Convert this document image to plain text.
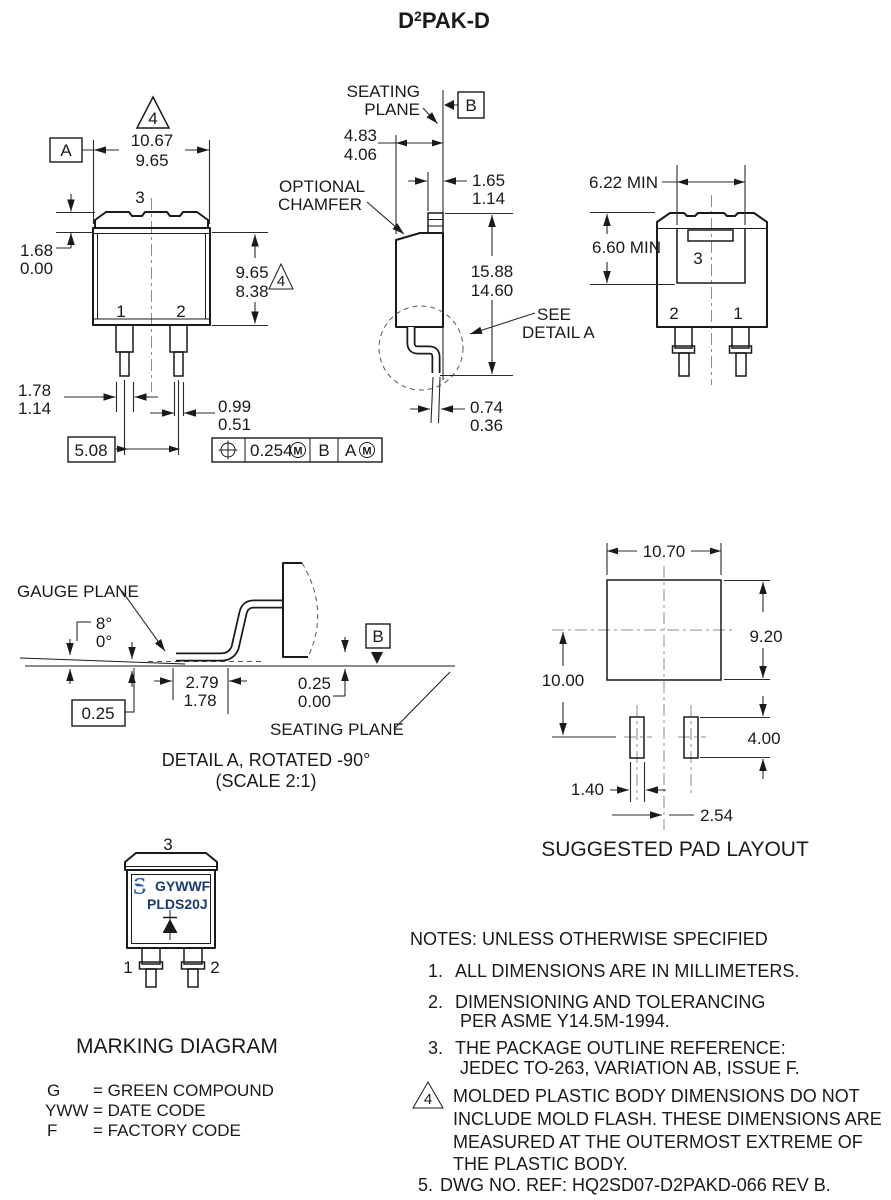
$D^2PAK-D$
3
1	2
10.67
9.65
4
A
1.68
0.00	9.65
8.38
4
1.78
1.14	0.99
0.51
5.08	0.254 M B A M
SEATING
PLANE	B
4.83
4.06
1.65
1.14
OPTIONAL
CHAMFER
15.88
14.60
SEE
DETAIL A
0.74
0.36
3
2	1
6.22 MIN
6.60 MIN
GAUGE PLANE
8°
0°
0.25
2.79
1.78
0.25
0.00
B
SEATING PLANE
DETAIL A, ROTATED -90°
(SCALE 2:1)
10.70
9.20
10.00
4.00
1.40
2.54
SUGGESTED PAD LAYOUT
3
S GYWWF
PLDS20J
1	2
MARKING DIAGRAM
G = GREEN COMPOUND
YWW = DATE CODE
F = FACTORY CODE
NOTES: UNLESS OTHERWISE SPECIFIED
1. ALL DIMENSIONS ARE IN MILLIMETERS.
2. DIMENSIONING AND TOLERANCING
PER ASME Y14.5M-1994.
3. THE PACKAGE OUTLINE REFERENCE:
JEDEC TO-263, VARIATION AB, ISSUE F.
4 MOLDED PLASTIC BODY DIMENSIONS DO NOT
INCLUDE MOLD FLASH. THESE DIMENSIONS ARE
MEASURED AT THE OUTERMOST EXTREME OF
THE PLASTIC BODY.
5. DWG NO. REF: HQ2SD07-D2PAKD-066 REV B.
